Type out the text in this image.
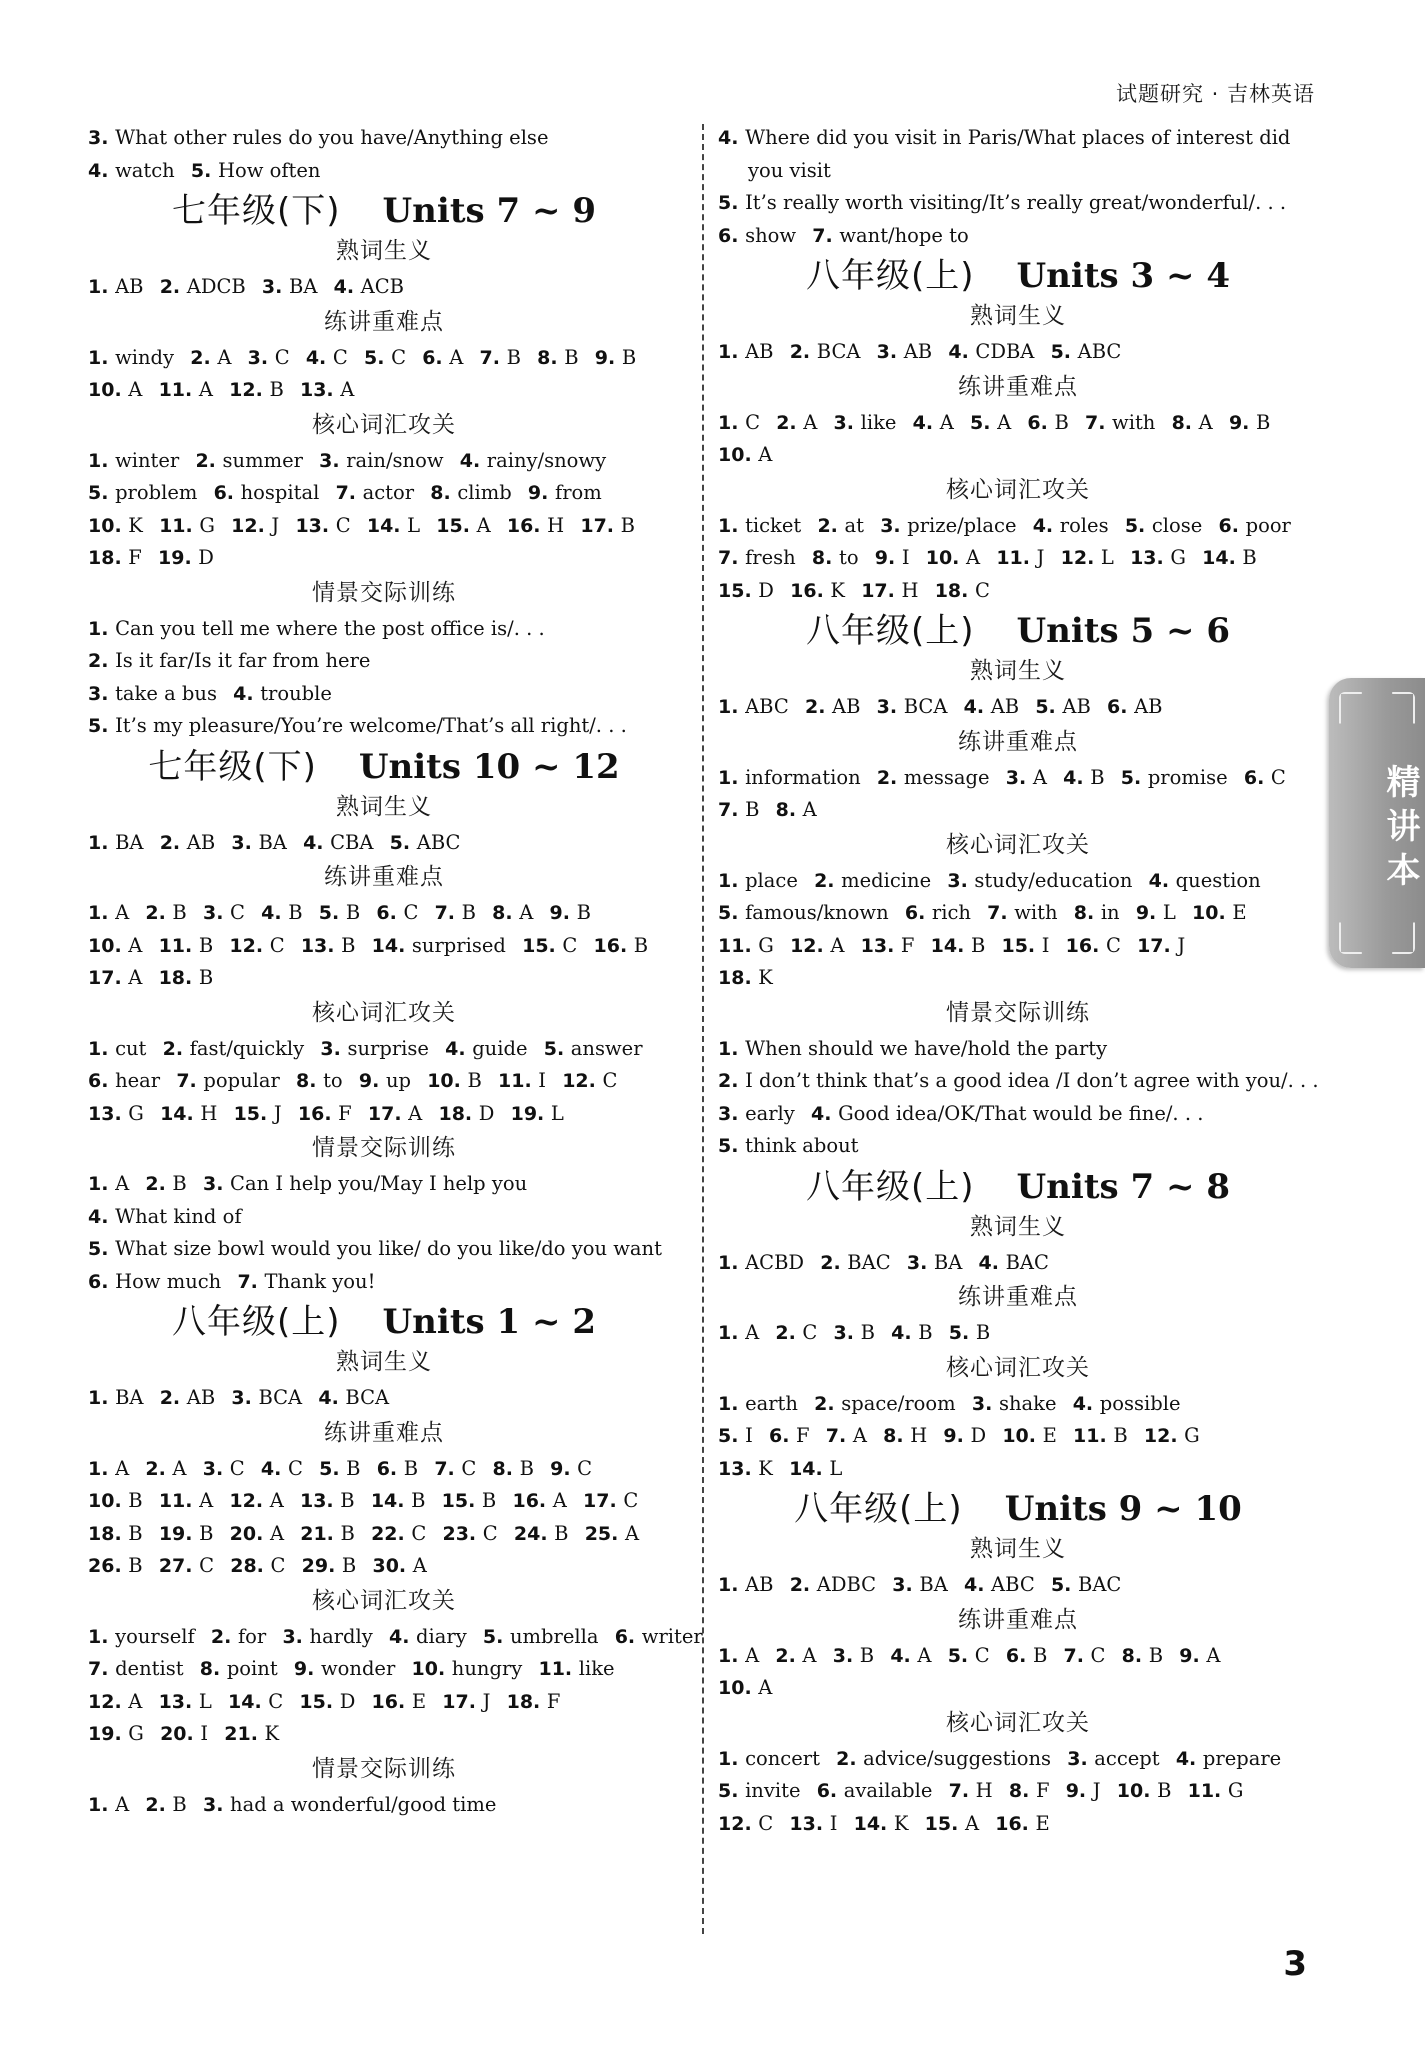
试题研究 · 吉林英语
3. What other rules do you have/Anything else
4. watch 5. How often
七年级(下) Units 7 ~ 9
熟词生义
1. AB 2. ADCB 3. BA 4. ACB
练讲重难点
1. windy 2. A 3. C 4. C 5. C 6. A 7. B 8. B 9. B
10. A 11. A 12. B 13. A
核心词汇攻关
1. winter 2. summer 3. rain/snow 4. rainy/snowy
5. problem 6. hospital 7. actor 8. climb 9. from
10. K 11. G 12. J 13. C 14. L 15. A 16. H 17. B
18. F 19. D
情景交际训练
1. Can you tell me where the post office is/. . .
2. Is it far/Is it far from here
3. take a bus 4. trouble
5. It’s my pleasure/You’re welcome/That’s all right/. . .
七年级(下) Units 10 ~ 12
熟词生义
1. BA 2. AB 3. BA 4. CBA 5. ABC
练讲重难点
1. A 2. B 3. C 4. B 5. B 6. C 7. B 8. A 9. B
10. A 11. B 12. C 13. B 14. surprised 15. C 16. B
17. A 18. B
核心词汇攻关
1. cut 2. fast/quickly 3. surprise 4. guide 5. answer
6. hear 7. popular 8. to 9. up 10. B 11. I 12. C
13. G 14. H 15. J 16. F 17. A 18. D 19. L
情景交际训练
1. A 2. B 3. Can I help you/May I help you
4. What kind of
5. What size bowl would you like/ do you like/do you want
6. How much 7. Thank you!
八年级(上) Units 1 ~ 2
熟词生义
1. BA 2. AB 3. BCA 4. BCA
练讲重难点
1. A 2. A 3. C 4. C 5. B 6. B 7. C 8. B 9. C
10. B 11. A 12. A 13. B 14. B 15. B 16. A 17. C
18. B 19. B 20. A 21. B 22. C 23. C 24. B 25. A
26. B 27. C 28. C 29. B 30. A
核心词汇攻关
1. yourself 2. for 3. hardly 4. diary 5. umbrella 6. writer
7. dentist 8. point 9. wonder 10. hungry 11. like
12. A 13. L 14. C 15. D 16. E 17. J 18. F
19. G 20. I 21. K
情景交际训练
1. A 2. B 3. had a wonderful/good time
4. Where did you visit in Paris/What places of interest did
you visit
5. It’s really worth visiting/It’s really great/wonderful/. . .
6. show 7. want/hope to
八年级(上) Units 3 ~ 4
熟词生义
1. AB 2. BCA 3. AB 4. CDBA 5. ABC
练讲重难点
1. C 2. A 3. like 4. A 5. A 6. B 7. with 8. A 9. B
10. A
核心词汇攻关
1. ticket 2. at 3. prize/place 4. roles 5. close 6. poor
7. fresh 8. to 9. I 10. A 11. J 12. L 13. G 14. B
15. D 16. K 17. H 18. C
八年级(上) Units 5 ~ 6
熟词生义
1. ABC 2. AB 3. BCA 4. AB 5. AB 6. AB
练讲重难点
1. information 2. message 3. A 4. B 5. promise 6. C
7. B 8. A
核心词汇攻关
1. place 2. medicine 3. study/education 4. question
5. famous/known 6. rich 7. with 8. in 9. L 10. E
11. G 12. A 13. F 14. B 15. I 16. C 17. J
18. K
情景交际训练
1. When should we have/hold the party
2. I don’t think that’s a good idea /I don’t agree with you/. . .
3. early 4. Good idea/OK/That would be fine/. . .
5. think about
八年级(上) Units 7 ~ 8
熟词生义
1. ACBD 2. BAC 3. BA 4. BAC
练讲重难点
1. A 2. C 3. B 4. B 5. B
核心词汇攻关
1. earth 2. space/room 3. shake 4. possible
5. I 6. F 7. A 8. H 9. D 10. E 11. B 12. G
13. K 14. L
八年级(上) Units 9 ~ 10
熟词生义
1. AB 2. ADBC 3. BA 4. ABC 5. BAC
练讲重难点
1. A 2. A 3. B 4. A 5. C 6. B 7. C 8. B 9. A
10. A
核心词汇攻关
1. concert 2. advice/suggestions 3. accept 4. prepare
5. invite 6. available 7. H 8. F 9. J 10. B 11. G
12. C 13. I 14. K 15. A 16. E
精讲本
3
